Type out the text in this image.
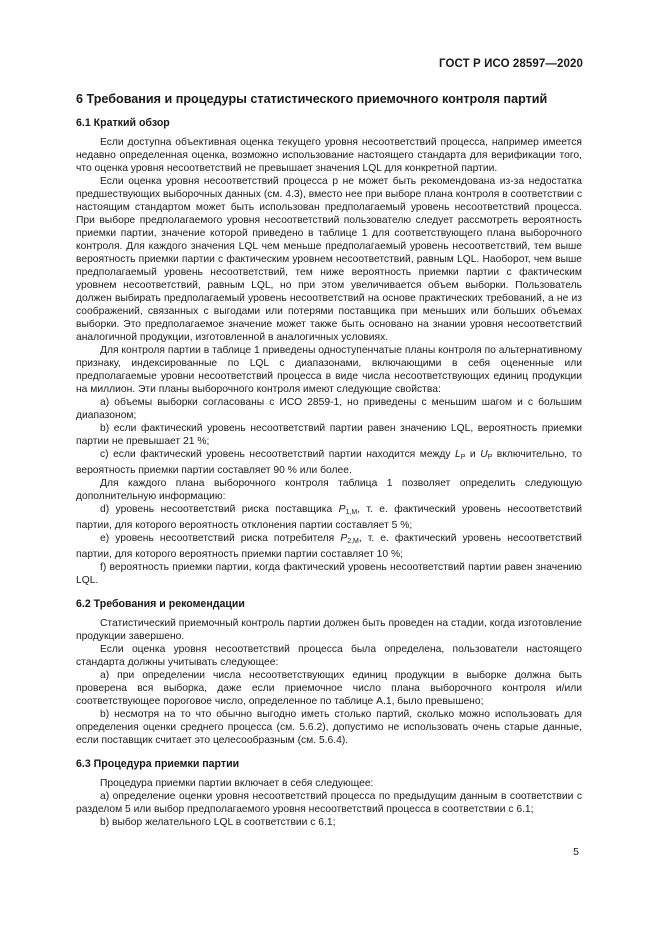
ГОСТ Р ИСО 28597—2020
6 Требования и процедуры статистического приемочного контроля партий
6.1 Краткий обзор

Если доступна объективная оценка текущего уровня несоответствий процесса, например имеется недавно определенная оценка, возможно использование настоящего стандарта для верификации того, что оценка уровня несоответствий не превышает значения LQL для конкретной партии.

Если оценка уровня несоответствий процесса p не может быть рекомендована из-за недостатка предшествующих выборочных данных (см. 4.3), вместо нее при выборе плана контроля в соответствии с настоящим стандартом может быть использован предполагаемый уровень несоответствий процесса. При выборе предполагаемого уровня несоответствий пользователю следует рассмотреть вероятность приемки партии, значение которой приведено в таблице 1 для соответствующего плана выборочного контроля. Для каждого значения LQL чем меньше предполагаемый уровень несоответствий, тем выше вероятность приемки партии с фактическим уровнем несоответствий, равным LQL. Наоборот, чем выше предполагаемый уровень несоответствий, тем ниже вероятность приемки партии с фактическим уровнем несоответствий, равным LQL, но при этом увеличивается объем выборки. Пользователь должен выбирать предполагаемый уровень несоответствий на основе практических требований, а не из соображений, связанных с выгодами или потерями поставщика при меньших или больших объемах выборки. Это предполагаемое значение может также быть основано на знании уровня несоответствий аналогичной продукции, изготовленной в аналогичных условиях.

Для контроля партии в таблице 1 приведены одноступенчатые планы контроля по альтернативному признаку, индексированные по LQL с диапазонами, включающими в себя оцененные или предполагаемые уровни несоответствий процесса в виде числа несоответствующих единиц продукции на миллион. Эти планы выборочного контроля имеют следующие свойства:

а) объемы выборки согласованы с ИСО 2859-1, но приведены с меньшим шагом и с большим диапазоном;

b) если фактический уровень несоответствий партии равен значению LQL, вероятность приемки партии не превышает 21 %;

c) если фактический уровень несоответствий партии находится между $L_P$ и $U_P$ включительно, то вероятность приемки партии составляет 90 % или более.

Для каждого плана выборочного контроля таблица 1 позволяет определить следующую дополнительную информацию:

d) уровень несоответствий риска поставщика $P_{1,M}$, т. е. фактический уровень несоответствий партии, для которого вероятность отклонения партии составляет 5 %;

e) уровень несоответствий риска потребителя $P_{2,M}$, т. е. фактический уровень несоответствий партии, для которого вероятность приемки партии составляет 10 %;

f) вероятность приемки партии, когда фактический уровень несоответствий партии равен значению LQL.

6.2 Требования и рекомендации

Статистический приемочный контроль партии должен быть проведен на стадии, когда изготовление продукции завершено.

Если оценка уровня несоответствий процесса была определена, пользователи настоящего стандарта должны учитывать следующее:

а) при определении числа несоответствующих единиц продукции в выборке должна быть проверена вся выборка, даже если приемочное число плана выборочного контроля и/или соответствующее пороговое число, определенное по таблице А.1, было превышено;

b) несмотря на то что обычно выгодно иметь столько партий, сколько можно использовать для определения оценки среднего процесса (см. 5.6.2), допустимо не использовать очень старые данные, если поставщик считает это целесообразным (см. 5.6.4).

6.3 Процедура приемки партии

Процедура приемки партии включает в себя следующее:

а) определение оценки уровня несоответствий процесса по предыдущим данным в соответствии с разделом 5 или выбор предполагаемого уровня несоответствий процесса в соответствии с 6.1;

b) выбор желательного LQL в соответствии с 6.1;

5
